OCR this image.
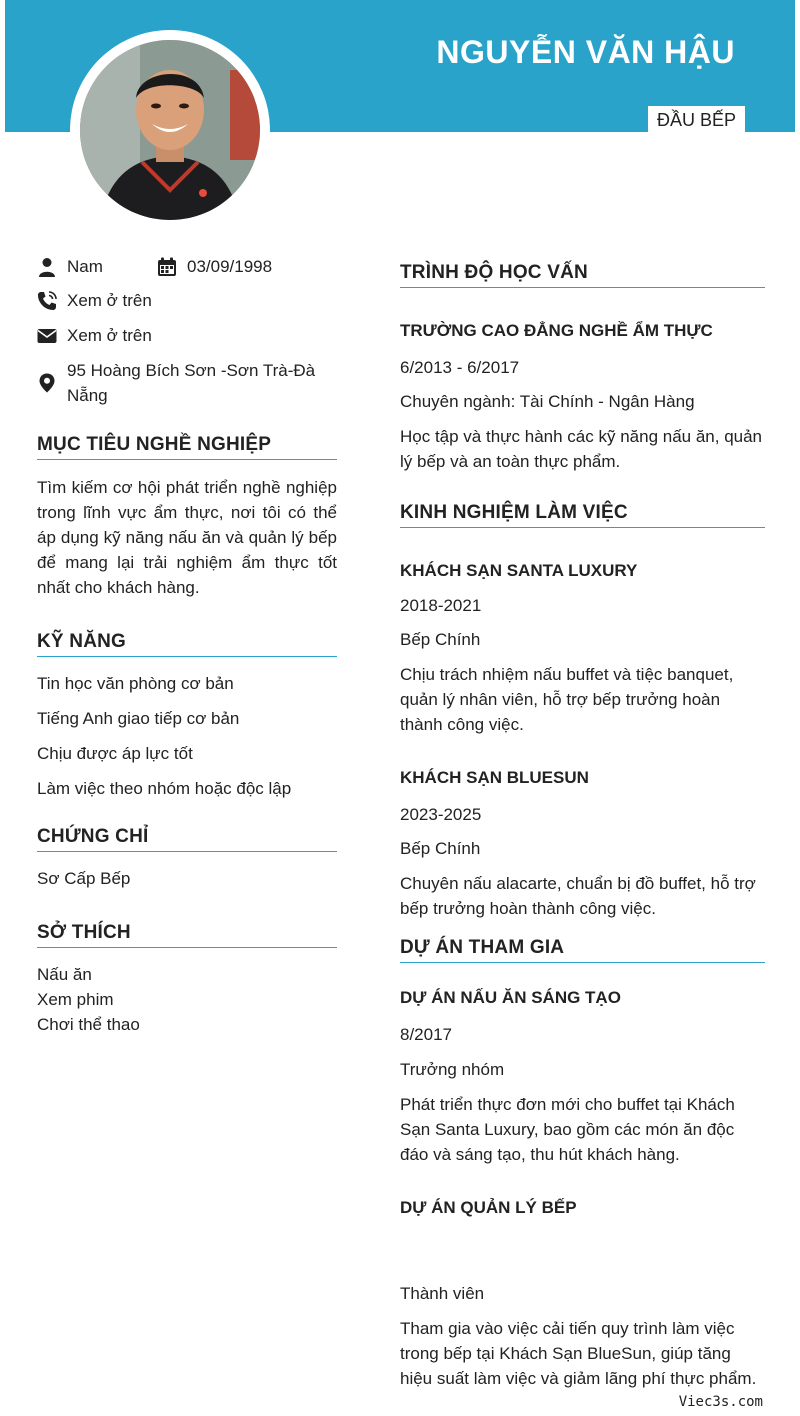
NGUYỄN VĂN HẬU
ĐẦU BẾP
Nam	03/09/1998
Xem ở trên
Xem ở trên
95 Hoàng Bích Sơn -Sơn Trà-Đà Nẵng
MỤC TIÊU NGHỀ NGHIỆP
Tìm kiếm cơ hội phát triển nghề nghiệp trong lĩnh vực ẩm thực, nơi tôi có thể áp dụng kỹ năng nấu ăn và quản lý bếp để mang lại trải nghiệm ẩm thực tốt nhất cho khách hàng.
KỸ NĂNG
Tin học văn phòng cơ bản
Tiếng Anh giao tiếp cơ bản
Chịu được áp lực tốt
Làm việc theo nhóm hoặc độc lập
CHỨNG CHỈ
Sơ Cấp Bếp
SỞ THÍCH
Nấu ăn
Xem phim
Chơi thể thao
TRÌNH ĐỘ HỌC VẤN
TRƯỜNG CAO ĐẲNG NGHỀ ẨM THỰC
6/2013 - 6/2017
Chuyên ngành: Tài Chính - Ngân Hàng
Học tập và thực hành các kỹ năng nấu ăn, quản lý bếp và an toàn thực phẩm.
KINH NGHIỆM LÀM VIỆC
KHÁCH SẠN SANTA LUXURY
2018-2021
Bếp Chính
Chịu trách nhiệm nấu buffet và tiệc banquet, quản lý nhân viên, hỗ trợ bếp trưởng hoàn thành công việc.
KHÁCH SẠN BLUESUN
2023-2025
Bếp Chính
Chuyên nấu alacarte, chuẩn bị đồ buffet, hỗ trợ bếp trưởng hoàn thành công việc.
DỰ ÁN THAM GIA
DỰ ÁN NẤU ĂN SÁNG TẠO
8/2017
Trưởng nhóm
Phát triển thực đơn mới cho buffet tại Khách Sạn Santa Luxury, bao gồm các món ăn độc đáo và sáng tạo, thu hút khách hàng.
DỰ ÁN QUẢN LÝ BẾP
Thành viên
Tham gia vào việc cải tiến quy trình làm việc trong bếp tại Khách Sạn BlueSun, giúp tăng hiệu suất làm việc và giảm lãng phí thực phẩm.
Viec3s.com
